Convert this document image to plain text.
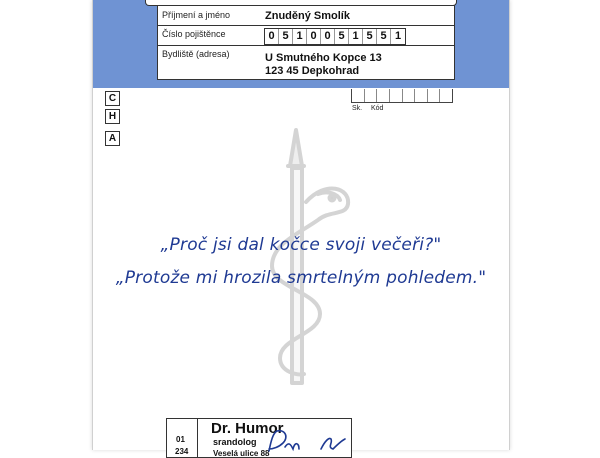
Příjmení a jméno	Znuděný Smolík
Číslo pojištěnce	0 5 1 0 0 5 1 5 5 1
Bydliště (adresa)	U Smutného Kopce 13
123 45 Depkohrad
Sk. Kód
C
H
A
„Proč jsi dal kočce svoji večeři?"
„Protože mi hrozila smrtelným pohledem."
01
234
Dr. Humor
srandolog
Veselá ulice 88
